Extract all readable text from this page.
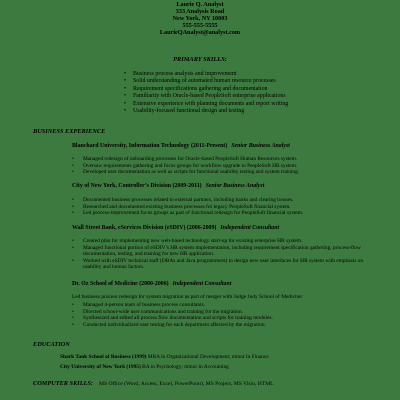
Laurie Q. Analyst
333 Analysis Road
New York, NY 10003
555-555-5555
LaurieQAnalyst@analyst.com
PRIMARY SKILLS:
• Business process analysis and improvement
• Solid understanding of automated human resource processes
• Requirement specifications gathering and documentation
• Familiarity with Oracle-based PeopleSoft enterprise applications
• Extensive experience with planning documents and report writing
• Usability-focused functional design and testing
BUSINESS EXPERIENCE
Blanchard University, Information Technology (2011-Present) Senior Business Analyst
• Managed redesign of onboarding processes for Oracle-based PeopleSoft Human Resources system.
• Oversaw requirements gathering and focus groups for workflow upgrade to PeopleSoft HR system.
• Developed user documentation as well as scripts for functional usability testing and system training.
City of New York, Controller’s Division (2009-2011) Senior Business Analyst
• Documented business processes related to external partners, including banks and clearing houses.
• Researched and documented existing business processes for legacy PeopleSoft financial system.
• Led process-improvement focus groups as part of functional redesign for PeopleSoft financial system.
Wall Street Bank, eServices Division (eSDIV) (2006-2009) Independent Consultant
• Created plan for implementing new web-based technology start-up for existing enterprise HR system.
• Managed functional portion of eSDIV’s HR system implementation, including requirement specification gathering, process-flow documentation, testing, and training for new HR application.
• Worked with eSDIV technical staff (DBAs and Java programmers) to design new user interfaces for HR system with emphasis on usability and human factors.
Dr. Oz School of Medicine (2000-2006) Independent Consultant
Led business process redesign for system migration as part of merger with Judge Judy School of Medicine:
• Managed 4-person team of business process consultants.
• Directed school-wide user communications and training for the migration.
• Synthesized and edited all process flow documentation and scripts for training modules.
• Conducted individualized user testing for each department affected by the migration.
EDUCATION
Shark Tank School of Business (1999) MBA in Organizational Development; minor in Finance
City University of New York (1995) BA in Psychology; minor in Accounting
COMPUTER SKILLS: MS Office (Word, Access, Excel, PowerPoint), MS Project, MS Visio, HTML
